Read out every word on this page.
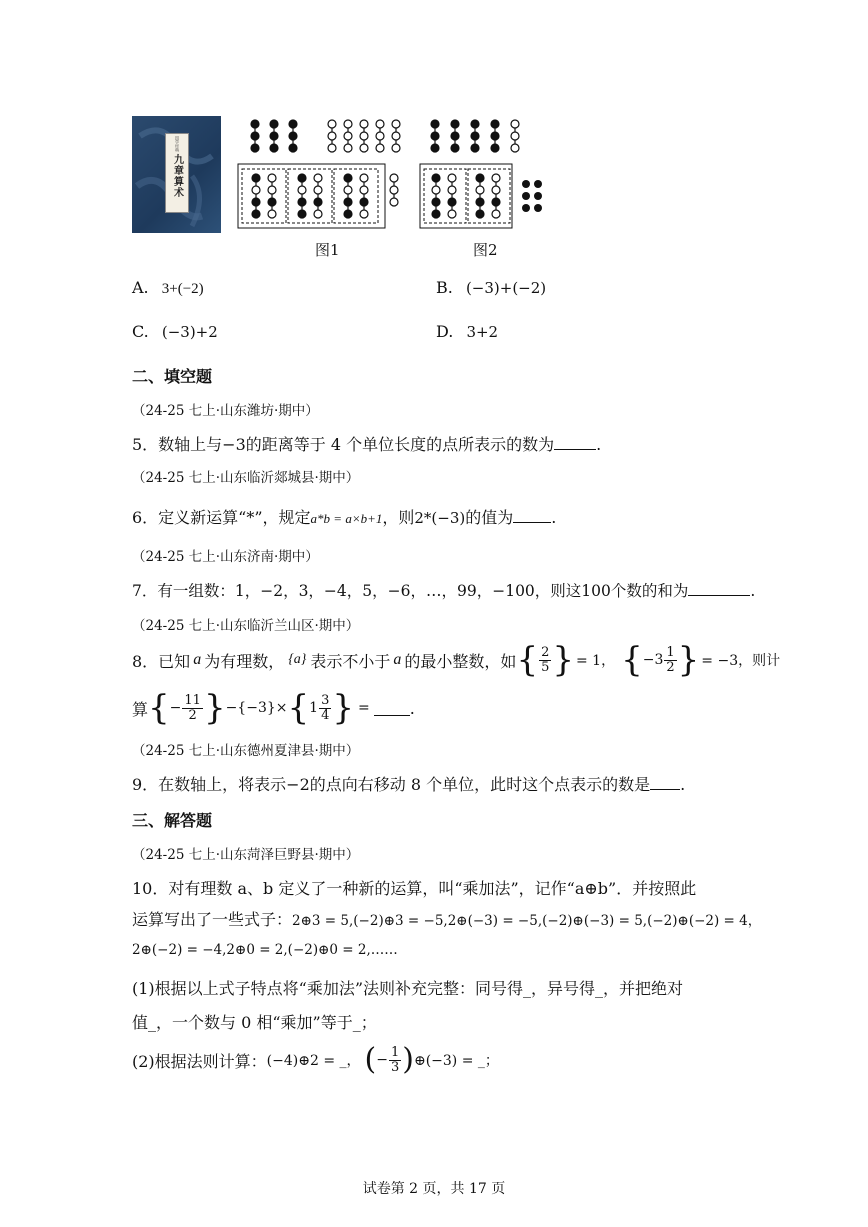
国学经典
九章算术
图1	图2
A. 3+(−2)	B. (−3)+(−2)
C. (−3)+2	D. 3+2
二、填空题
（24-25 七上·山东潍坊·期中）
5．数轴上与−3的距离等于 4 个单位长度的点所表示的数为	.
（24-25 七上·山东临沂郯城县·期中）
6．定义新运算“*”，规定a*b = a×b+1，则2*(−3)的值为 .
（24-25 七上·山东济南·期中）
7．有一组数：1，−2，3，−4，5，−6，…，99，−100，则这100个数的和为	.
（24-25 七上·山东临沂兰山区·期中）
8．已知 a 为有理数， {a} 表示不小于 a 的最小整数，如 { $\frac{2}{5}$ } = 1， { $-3 \frac{1}{2}$ } = −3，则计
算 { − $\frac{11}{2}$ } −{−3}× { $1 \frac{3}{4}$ } =	.
（24-25 七上·山东德州夏津县·期中）
9．在数轴上，将表示−2的点向右移动 8 个单位，此时这个点表示的数是 .
三、解答题
（24-25 七上·山东菏泽巨野县·期中）
10．对有理数 a、b 定义了一种新的运算，叫“乘加法”，记作“a⊕b”．并按照此
运算写出了一些式子：2⊕3 = 5,(−2)⊕3 = −5,2⊕(−3) = −5,(−2)⊕(−3) = 5,(−2)⊕(−2) = 4，
2⊕(−2) = −4,2⊕0 = 2,(−2)⊕0 = 2,……
(1)根据以上式子特点将“乘加法”法则补充完整：同号得_，异号得_，并把绝对
值_，一个数与 0 相“乘加”等于_；
(2)根据法则计算： (−4)⊕2 = _， ( − $\frac{1}{3}$ ) ⊕(−3) = _；
试卷第 2 页，共 17 页
